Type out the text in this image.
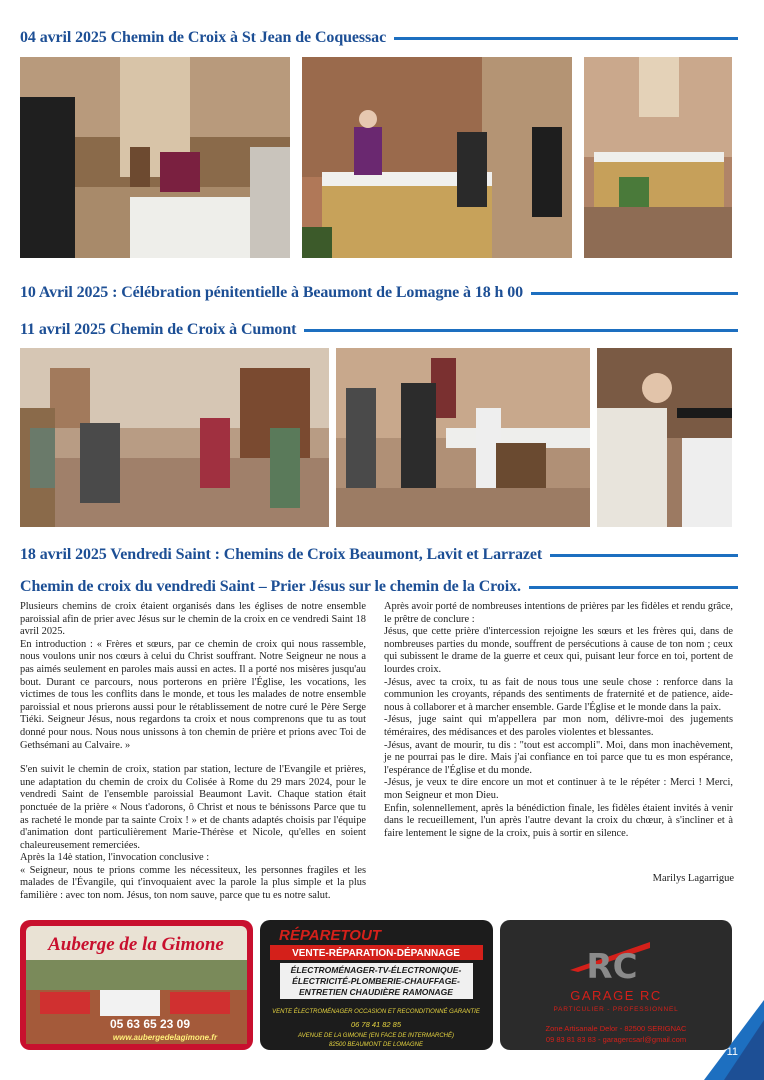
04 avril 2025 Chemin de Croix à St Jean de Coquessac
10 Avril 2025 : Célébration pénitentielle à Beaumont de Lomagne à 18 h 00
11 avril 2025 Chemin de Croix à Cumont
18 avril 2025 Vendredi Saint : Chemins de Croix Beaumont, Lavit et Larrazet
Chemin de croix du vendredi Saint – Prier Jésus sur le chemin de la Croix.

Plusieurs chemins de croix étaient organisés dans les églises de notre ensemble paroissial afin de prier avec Jésus sur le chemin de la croix en ce vendredi Saint 18 avril 2025.

En introduction : « Frères et sœurs, par ce chemin de croix qui nous rassemble, nous voulons unir nos cœurs à celui du Christ souffrant. Notre Seigneur ne nous a pas aimés seulement en paroles mais aussi en actes. Il a porté nos misères jusqu'au bout. Durant ce parcours, nous porterons en prière l'Église, les vocations, les victimes de tous les conflits dans le monde, et tous les malades de notre ensemble paroissial et nous prierons aussi pour le rétablissement de notre curé le Père Serge Tiéki. Seigneur Jésus, nous regardons ta croix et nous comprenons que tu as tout donné pour nous. Nous nous unissons à ton chemin de prière et prions avec Toi de Gethsémani au Calvaire. »

S'en suivit le chemin de croix, station par station, lecture de l'Evangile et prières, une adaptation du chemin de croix du Colisée à Rome du 29 mars 2024, pour le vendredi Saint de l'ensemble paroissial Beaumont Lavit. Chaque station était ponctuée de la prière « Nous t'adorons, ô Christ et nous te bénissons Parce que tu as racheté le monde par ta sainte Croix ! » et de chants adaptés choisis par l'équipe d'animation dont particulièrement Marie-Thérèse et Nicole, qu'elles en soient chaleureusement remerciées.

Après la 14è station, l'invocation conclusive :

« Seigneur, nous te prions comme les nécessiteux, les personnes fragiles et les malades de l'Évangile, qui t'invoquaient avec la parole la plus simple et la plus familière : avec ton nom. Jésus, ton nom sauve, parce que tu es notre salut.

Après avoir porté de nombreuses intentions de prières par les fidèles et rendu grâce, le prêtre de conclure :

Jésus, que cette prière d'intercession rejoigne les sœurs et les frères qui, dans de nombreuses parties du monde, souffrent de persécutions à cause de ton nom ; ceux qui subissent le drame de la guerre et ceux qui, puisant leur force en toi, portent de lourdes croix.

-Jésus, avec ta croix, tu as fait de nous tous une seule chose : renforce dans la communion les croyants, répands des sentiments de fraternité et de patience, aide-nous à collaborer et à marcher ensemble. Garde l'Église et le monde dans la paix.

-Jésus, juge saint qui m'appellera par mon nom, délivre-moi des jugements téméraires, des médisances et des paroles violentes et blessantes.

-Jésus, avant de mourir, tu dis : "tout est accompli". Moi, dans mon inachèvement, je ne pourrai pas le dire. Mais j'ai confiance en toi parce que tu es mon espérance, l'espérance de l'Église et du monde.

-Jésus, je veux te dire encore un mot et continuer à te le répéter : Merci ! Merci, mon Seigneur et mon Dieu.

Enfin, solennellement, après la bénédiction finale, les fidèles étaient invités à venir dans le recueillement, l'un après l'autre devant la croix du chœur, à s'incliner et à faire lentement le signe de la croix, puis à sortir en silence.

Marilys Lagarrigue
Auberge de la Gimone
05 63 65 23 09
www.aubergedelagimone.fr
RÉPARETOUT
VENTE-RÉPARATION-DÉPANNAGE
ÉLECTROMÉNAGER-TV-ÉLECTRONIQUE-
ÉLECTRICITÉ-PLOMBERIE-CHAUFFAGE-
ENTRETIEN CHAUDIÈRE RAMONAGE
VENTE ÉLECTROMÉNAGER OCCASION ET RECONDITIONNÉ GARANTIE
06 78 41 82 85
AVENUE DE LA GIMONE (EN FACE DE INTERMARCHÉ)
82500 BEAUMONT DE LOMAGNE
RC
GARAGE RC
PARTICULIER - PROFESSIONNEL
Zone Artisanale Delor - 82500 SERIGNAC
09 83 81 83 83 - garagercsarl@gmail.com
11
